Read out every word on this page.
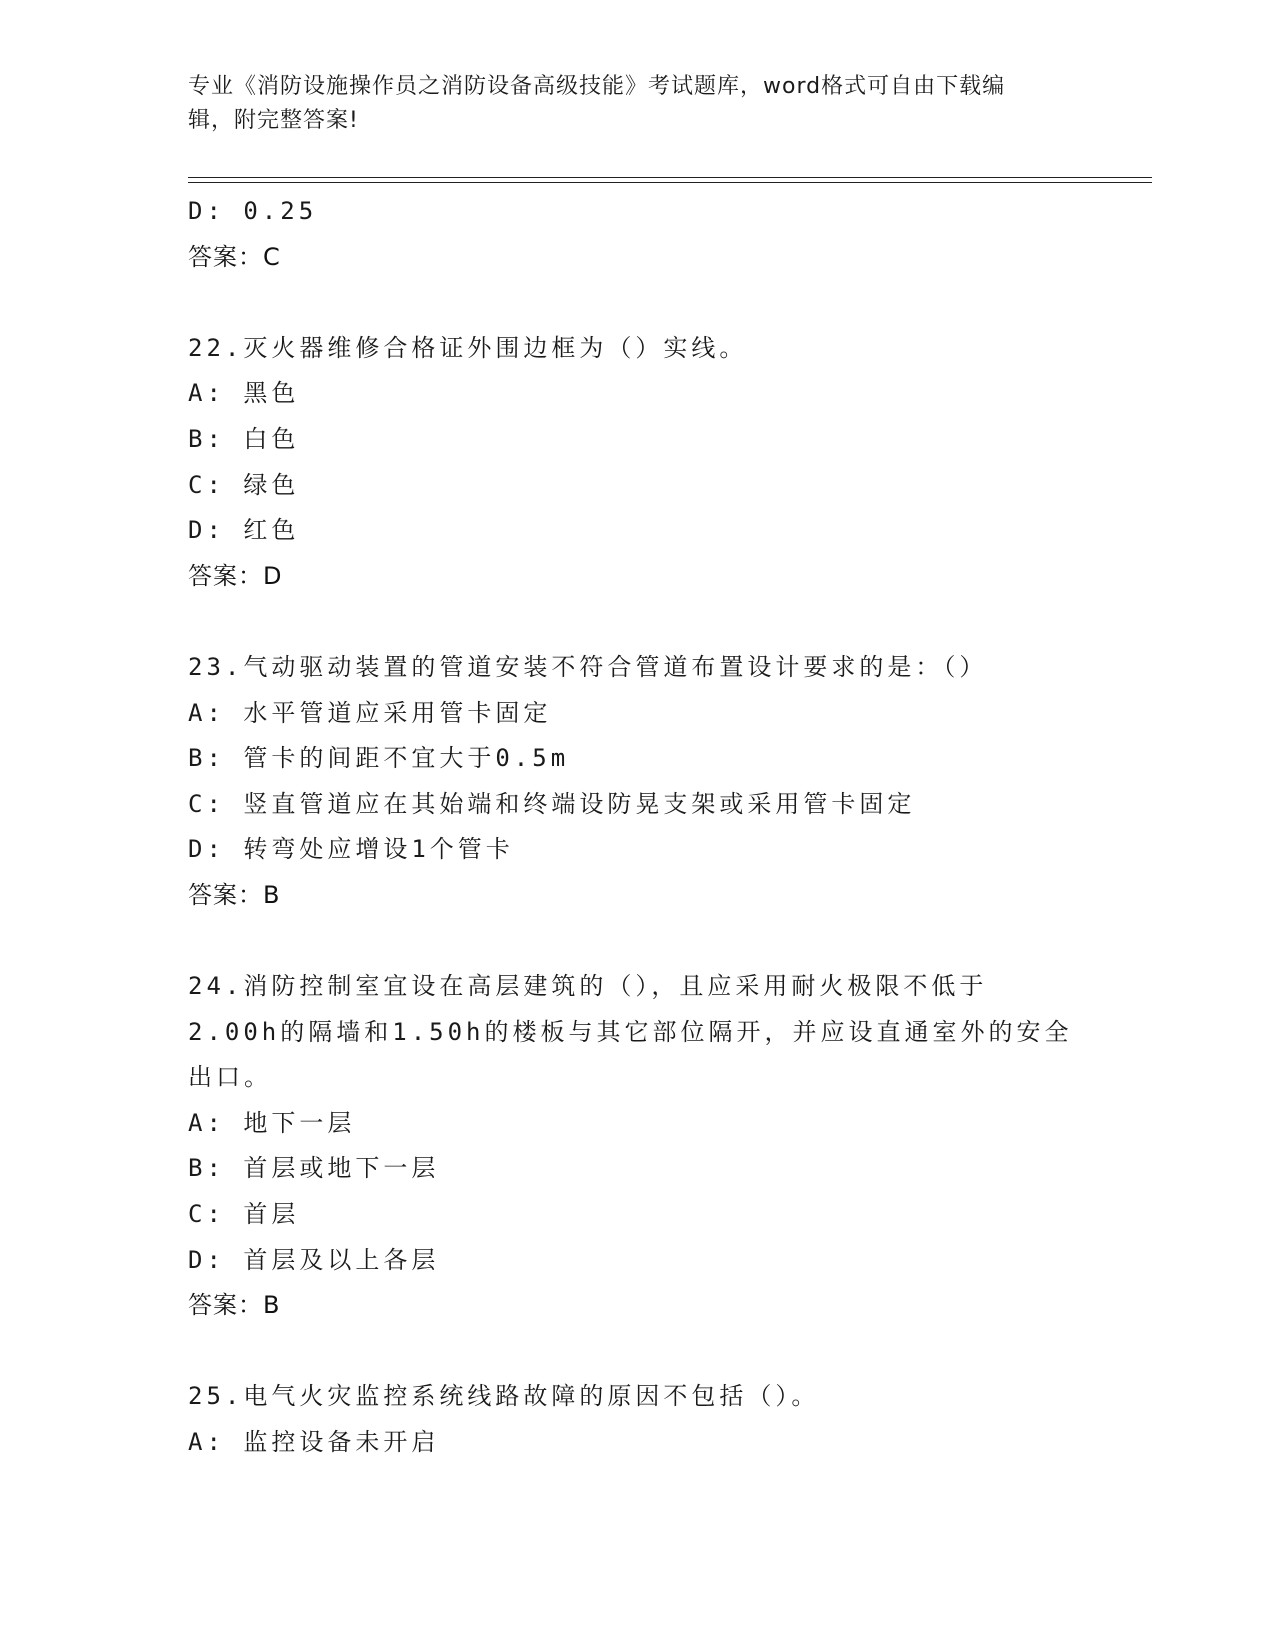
专业《消防设施操作员之消防设备高级技能》考试题库，word格式可自由下载编
辑，附完整答案!
D: 0.25
答案：C
22.灭火器维修合格证外围边框为（）实线。
A: 黑色
B: 白色
C: 绿色
D: 红色
答案：D
23.气动驱动装置的管道安装不符合管道布置设计要求的是：（）
A: 水平管道应采用管卡固定
B: 管卡的间距不宜大于0.5m
C: 竖直管道应在其始端和终端设防晃支架或采用管卡固定
D: 转弯处应增设1个管卡
答案：B
24.消防控制室宜设在高层建筑的（），且应采用耐火极限不低于
2.00h的隔墙和1.50h的楼板与其它部位隔开，并应设直通室外的安全
出口。
A: 地下一层
B: 首层或地下一层
C: 首层
D: 首层及以上各层
答案：B
25.电气火灾监控系统线路故障的原因不包括（）。
A: 监控设备未开启
